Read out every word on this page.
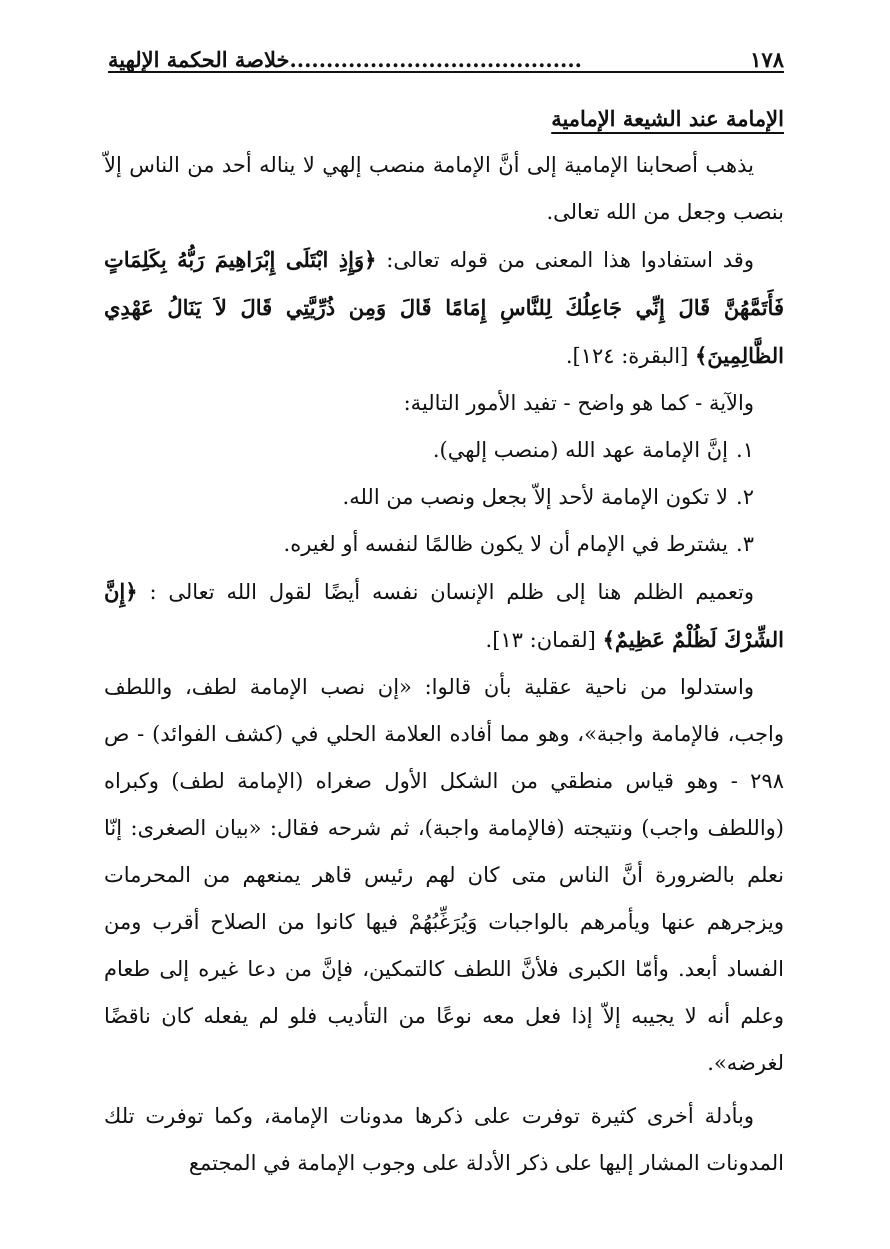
١٧٨
........................................خلاصة الحكمة الإلهية
الإمامة عند الشيعة الإمامية

يذهب أصحابنا الإمامية إلى أنَّ الإمامة منصب إلهي لا يناله أحد من الناس إلاّ بنصب وجعل من الله تعالى.

وقد استفادوا هذا المعنى من قوله تعالى: ﴿وَإِذِ ابْتَلَى إِبْرَاهِيمَ رَبُّهُ بِكَلِمَاتٍ فَأَتَمَّهُنَّ قَالَ إِنِّي جَاعِلُكَ لِلنَّاسِ إِمَامًا قَالَ وَمِن ذُرِّيَّتِي قَالَ لاَ يَنَالُ عَهْدِي الظَّالِمِينَ﴾ [البقرة: ١٢٤].

والآية - كما هو واضح - تفيد الأمور التالية:

١.إنَّ الإمامة عهد الله (منصب إلهي).

٢.لا تكون الإمامة لأحد إلاّ بجعل ونصب من الله.

٣.يشترط في الإمام أن لا يكون ظالمًا لنفسه أو لغيره.

وتعميم الظلم هنا إلى ظلم الإنسان نفسه أيضًا لقول الله تعالى : ﴿إِنَّ الشِّرْكَ لَظُلْمٌ عَظِيمٌ﴾ [لقمان: ١٣].

واستدلوا من ناحية عقلية بأن قالوا: «إن نصب الإمامة لطف، واللطف واجب، فالإمامة واجبة»، وهو مما أفاده العلامة الحلي في (كشف الفوائد) - ص ٢٩٨ - وهو قياس منطقي من الشكل الأول صغراه (الإمامة لطف) وكبراه (واللطف واجب) ونتيجته (فالإمامة واجبة)، ثم شرحه فقال: «بيان الصغرى: إنّا نعلم بالضرورة أنَّ الناس متى كان لهم رئيس قاهر يمنعهم من المحرمات ويزجرهم عنها ويأمرهم بالواجبات وَيُرَغِّبُهُمْ فيها كانوا من الصلاح أقرب ومن الفساد أبعد. وأمّا الكبرى فلأنَّ اللطف كالتمكين، فإنَّ من دعا غيره إلى طعام وعلم أنه لا يجيبه إلاّ إذا فعل معه نوعًا من التأديب فلو لم يفعله كان ناقضًا لغرضه».

وبأدلة أخرى كثيرة توفرت على ذكرها مدونات الإمامة، وكما توفرت تلك المدونات المشار إليها على ذكر الأدلة على وجوب الإمامة في المجتمع
